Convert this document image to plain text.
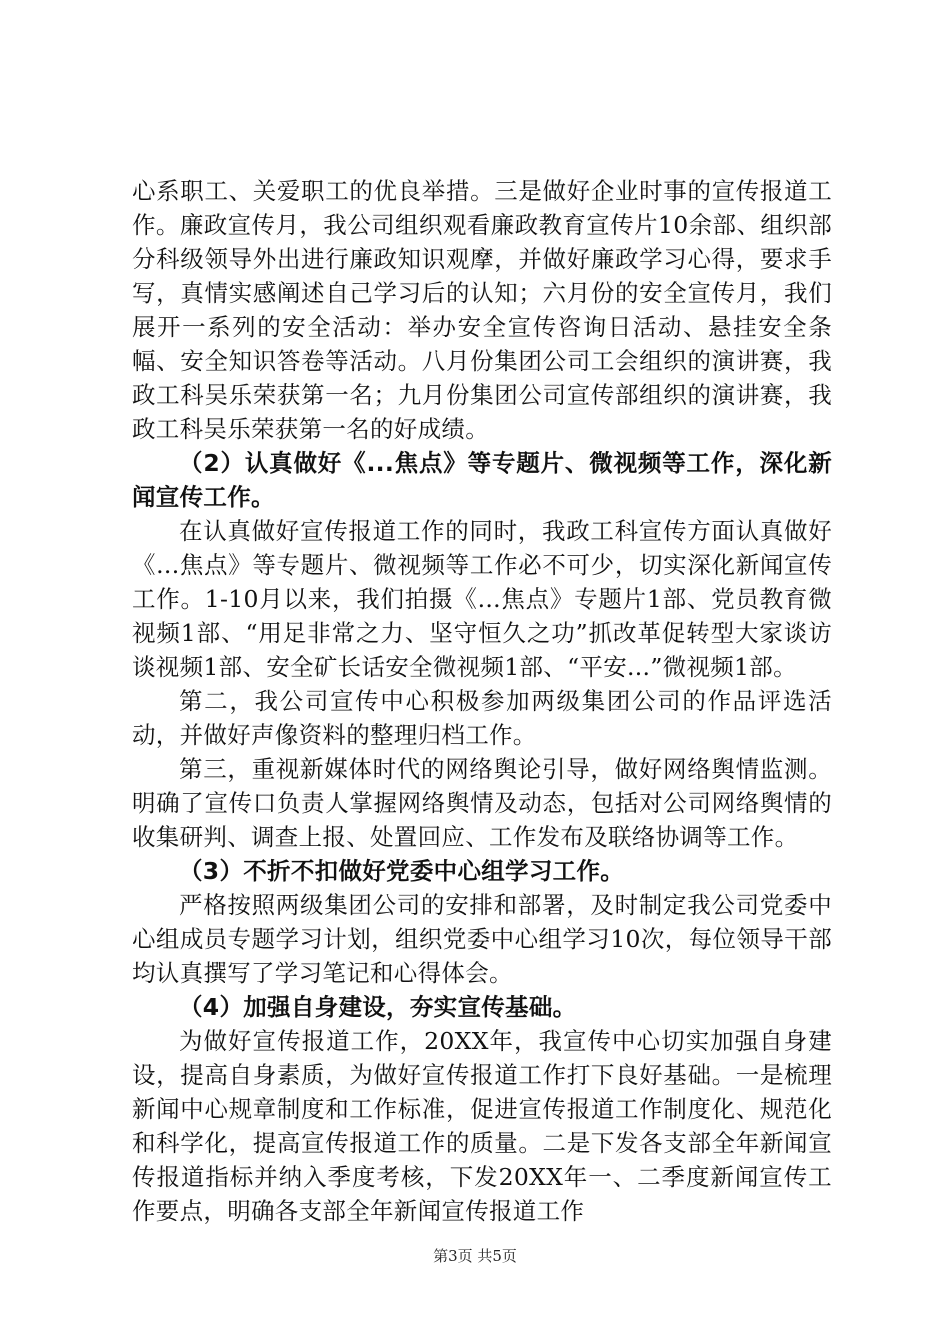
心系职工、关爱职工的优良举措。三是做好企业时事的宣传报道工作。廉政宣传月，我公司组织观看廉政教育宣传片10余部、组织部分科级领导外出进行廉政知识观摩，并做好廉政学习心得，要求手写，真情实感阐述自己学习后的认知；六月份的安全宣传月，我们展开一系列的安全活动：举办安全宣传咨询日活动、悬挂安全条幅、安全知识答卷等活动。八月份集团公司工会组织的演讲赛，我政工科吴乐荣获第一名；九月份集团公司宣传部组织的演讲赛，我政工科吴乐荣获第一名的好成绩。

（2）认真做好《...焦点》等专题片、微视频等工作，深化新闻宣传工作。

在认真做好宣传报道工作的同时，我政工科宣传方面认真做好《...焦点》等专题片、微视频等工作必不可少，切实深化新闻宣传工作。1-10月以来，我们拍摄《...焦点》专题片1部、党员教育微视频1部、“用足非常之力、坚守恒久之功”抓改革促转型大家谈访谈视频1部、安全矿长话安全微视频1部、“平安...”微视频1部。

第二，我公司宣传中心积极参加两级集团公司的作品评选活动，并做好声像资料的整理归档工作。

第三，重视新媒体时代的网络舆论引导，做好网络舆情监测。明确了宣传口负责人掌握网络舆情及动态，包括对公司网络舆情的收集研判、调查上报、处置回应、工作发布及联络协调等工作。

（3）不折不扣做好党委中心组学习工作。

严格按照两级集团公司的安排和部署，及时制定我公司党委中心组成员专题学习计划，组织党委中心组学习10次，每位领导干部均认真撰写了学习笔记和心得体会。

（4）加强自身建设，夯实宣传基础。

为做好宣传报道工作，20XX年，我宣传中心切实加强自身建设，提高自身素质，为做好宣传报道工作打下良好基础。一是梳理新闻中心规章制度和工作标准，促进宣传报道工作制度化、规范化和科学化，提高宣传报道工作的质量。二是下发各支部全年新闻宣传报道指标并纳入季度考核，下发20XX年一、二季度新闻宣传工作要点，明确各支部全年新闻宣传报道工作

第3页 共5页
